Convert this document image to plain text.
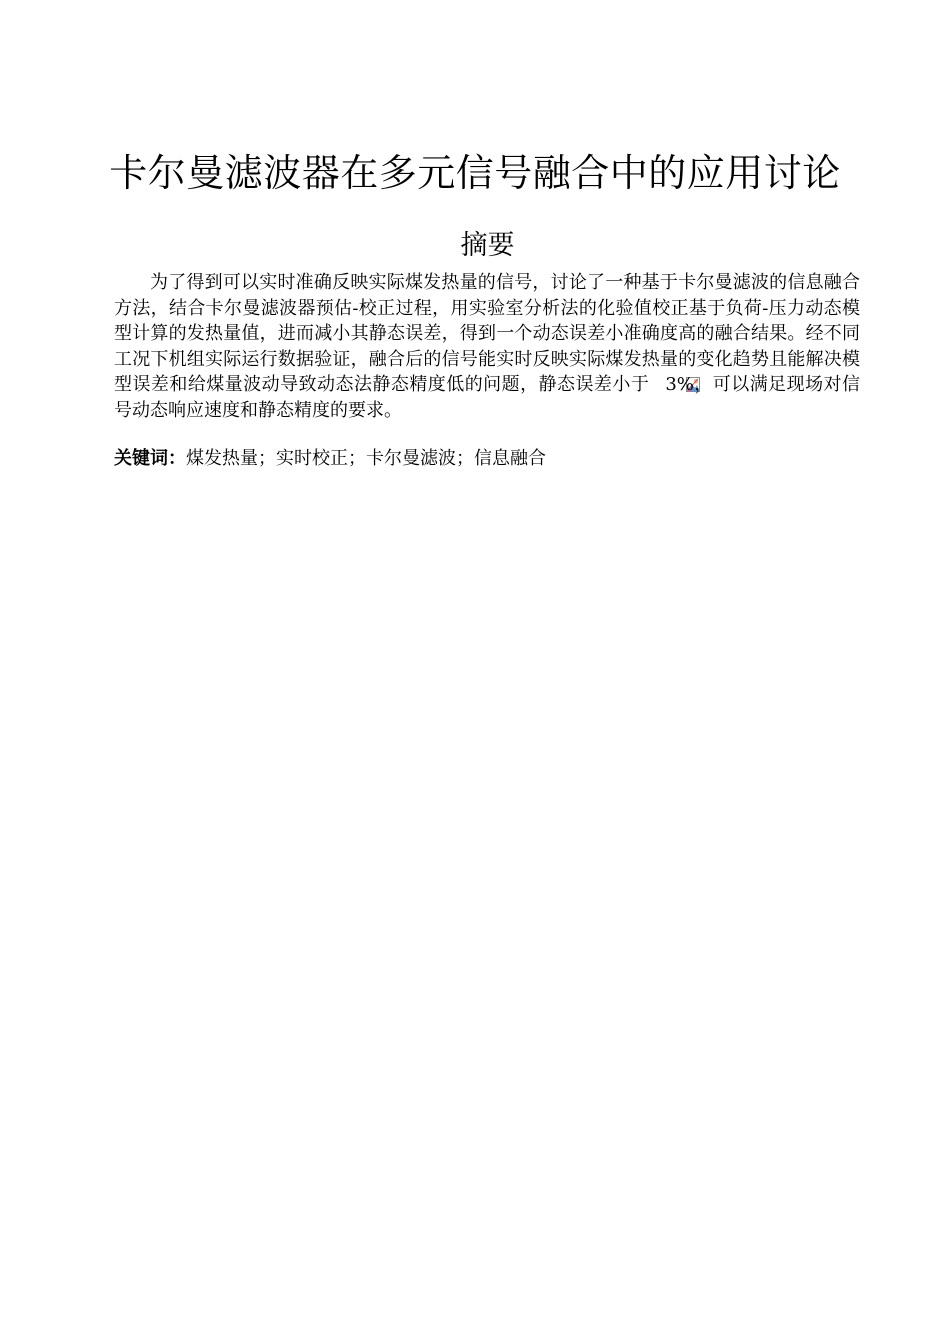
卡尔曼滤波器在多元信号融合中的应用讨论
摘要

为了得到可以实时准确反映实际煤发热量的信号，讨论了一种基于卡尔曼滤波的信息融合方法，结合卡尔曼滤波器预估-校正过程，用实验室分析法的化验值校正基于负荷-压力动态模型计算的发热量值，进而减小其静态误差，得到一个动态误差小准确度高的融合结果。经不同工况下机组实际运行数据验证，融合后的信号能实时反映实际煤发热量的变化趋势且能解决模型误差和给煤量波动导致动态法静态精度低的问题，静态误差小于 3%，可以满足现场对信号动态响应速度和静态精度的要求。

关键词：煤发热量；实时校正；卡尔曼滤波；信息融合
